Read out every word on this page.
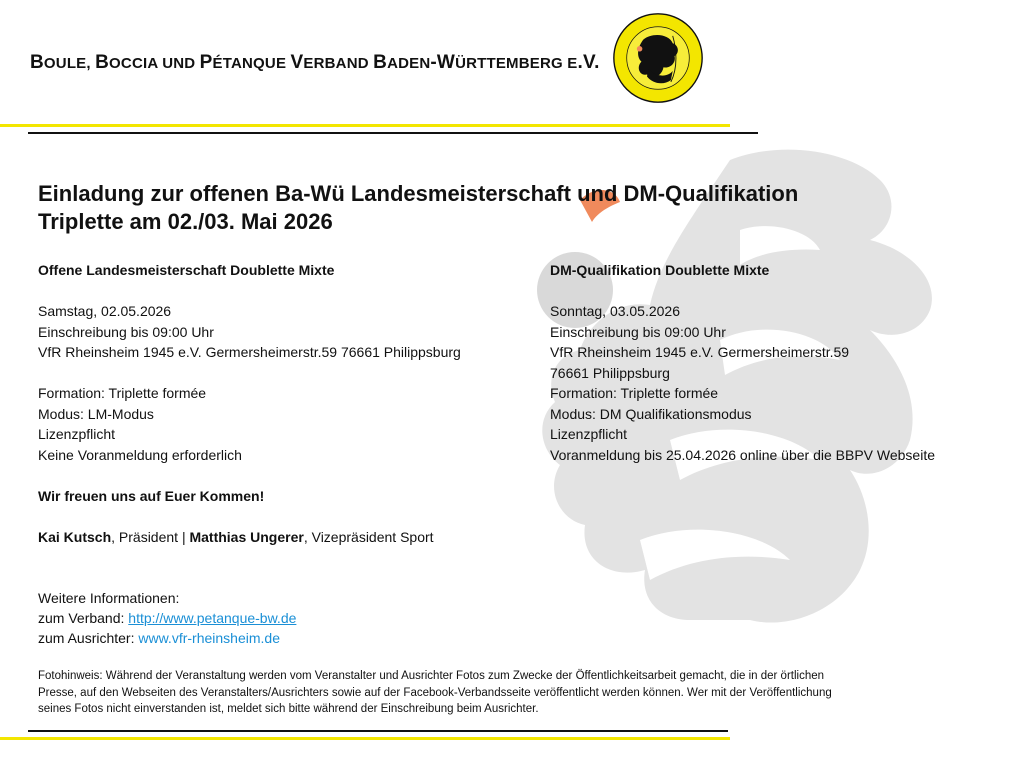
BOULE, BOCCIA UND PÉTANQUE VERBAND BADEN-WÜRTTEMBERG E.V.
Einladung zur offenen Ba-Wü Landesmeisterschaft und DM-Qualifikation
Triplette am 02./03. Mai 2026

Offene Landesmeisterschaft Doublette Mixte

Samstag, 02.05.2026

Einschreibung bis 09:00 Uhr

VfR Rheinsheim 1945 e.V. Germersheimerstr.59 76661 Philippsburg

Formation: Triplette formée

Modus: LM-Modus

Lizenzpflicht

Keine Voranmeldung erforderlich

Wir freuen uns auf Euer Kommen!

Kai Kutsch, Präsident | Matthias Ungerer, Vizepräsident Sport

DM-Qualifikation Doublette Mixte

Sonntag, 03.05.2026

Einschreibung bis 09:00 Uhr

VfR Rheinsheim 1945 e.V. Germersheimerstr.59

76661 Philippsburg

Formation: Triplette formée

Modus: DM Qualifikationsmodus

Lizenzpflicht

Voranmeldung bis 25.04.2026 online über die BBPV Webseite

Weitere Informationen:

zum Verband: http://www.petanque-bw.de

zum Ausrichter: www.vfr-rheinsheim.de

Fotohinweis: Während der Veranstaltung werden vom Veranstalter und Ausrichter Fotos zum Zwecke der Öffentlichkeitsarbeit gemacht, die in der örtlichen

Presse, auf den Webseiten des Veranstalters/Ausrichters sowie auf der Facebook-Verbandsseite veröffentlicht werden können. Wer mit der Veröffentlichung

seines Fotos nicht einverstanden ist, meldet sich bitte während der Einschreibung beim Ausrichter.
